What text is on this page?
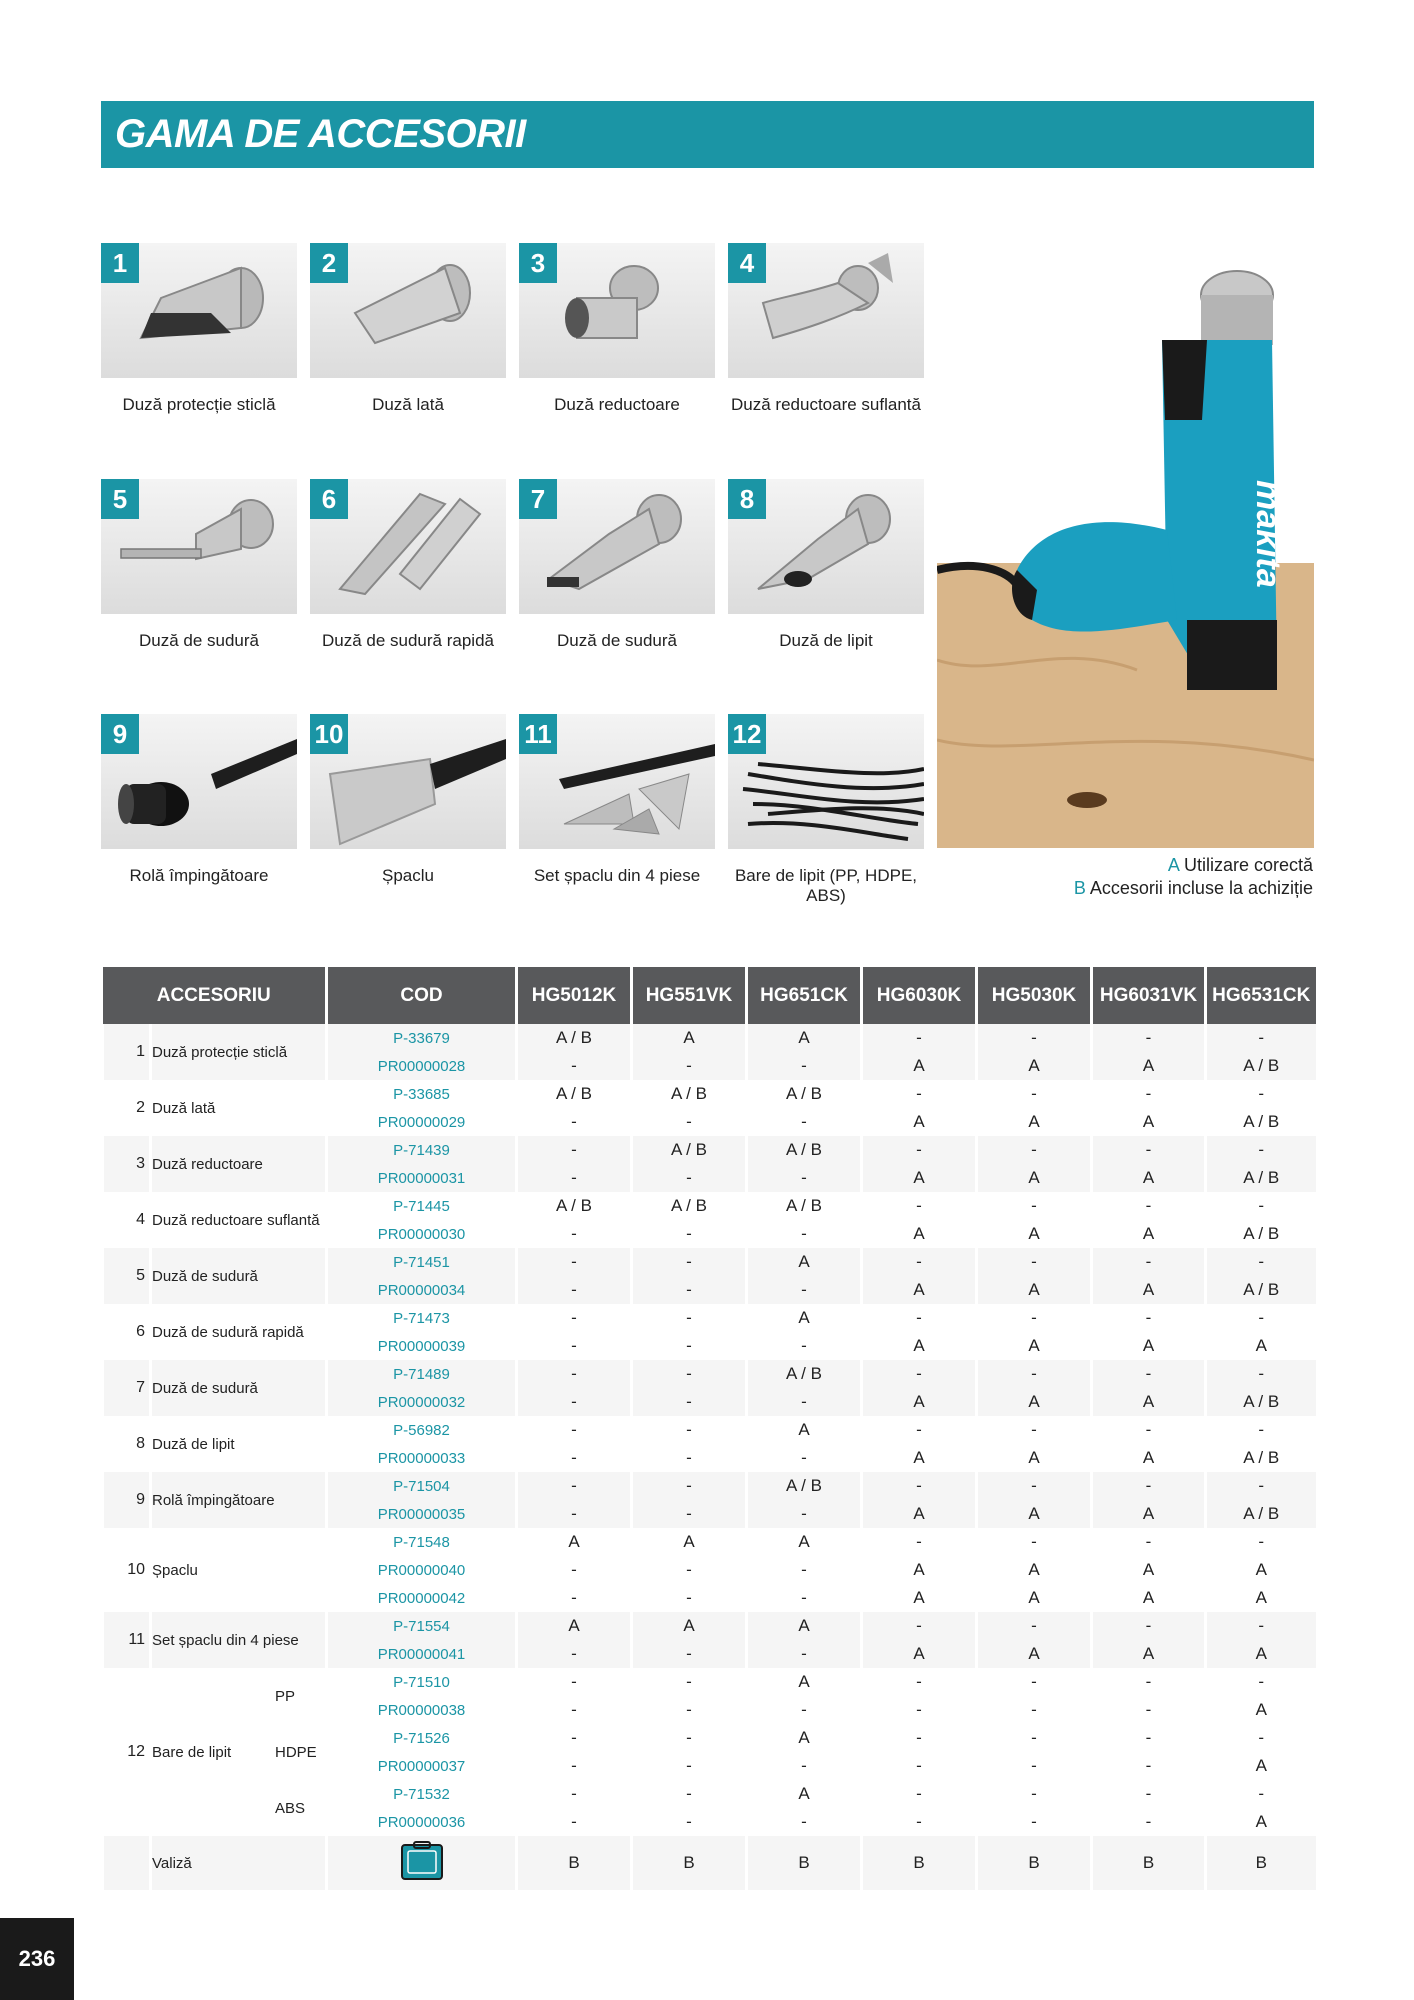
GAMA DE ACCESORII
1
Duză protecție sticlă
2
Duză lată
3
Duză reductoare
4
Duză reductoare suflantă
5
Duză de sudură
6
Duză de sudură rapidă
7
Duză de sudură
8
Duză de lipit
9
Rolă împingătoare
10
Șpaclu
11
Set șpaclu din 4 piese
12
Bare de lipit (PP, HDPE, ABS)
makita
A Utilizare corectă
B Accesorii incluse la achiziție
ACCESORIU			COD	HG5012K	HG551VK	HG651CK	HG6030K	HG5030K	HG6031VK	HG6531CK
1	Duză protecție sticlă		P-33679	A / B	A	A	-	-	-	-
			PR00000028	-	-	-	A	A	A	A / B
2	Duză lată		P-33685	A / B	A / B	A / B	-	-	-	-
			PR00000029	-	-	-	A	A	A	A / B
3	Duză reductoare		P-71439	-	A / B	A / B	-	-	-	-
			PR00000031	-	-	-	A	A	A	A / B
4	Duză reductoare suflantă		P-71445	A / B	A / B	A / B	-	-	-	-
			PR00000030	-	-	-	A	A	A	A / B
5	Duză de sudură		P-71451	-	-	A	-	-	-	-
			PR00000034	-	-	-	A	A	A	A / B
6	Duză de sudură rapidă		P-71473	-	-	A	-	-	-	-
			PR00000039	-	-	-	A	A	A	A
7	Duză de sudură		P-71489	-	-	A / B	-	-	-	-
			PR00000032	-	-	-	A	A	A	A / B
8	Duză de lipit		P-56982	-	-	A	-	-	-	-
			PR00000033	-	-	-	A	A	A	A / B
9	Rolă împingătoare		P-71504	-	-	A / B	-	-	-	-
			PR00000035	-	-	-	A	A	A	A / B
10	Șpaclu		P-71548	A	A	A	-	-	-	-
			PR00000040	-	-	-	A	A	A	A
			PR00000042	-	-	-	A	A	A	A
11	Set șpaclu din 4 piese		P-71554	A	A	A	-	-	-	-
			PR00000041	-	-	-	A	A	A	A
12	Bare de lipit	PP	P-71510	-	-	A	-	-	-	-
			PR00000038	-	-	-	-	-	-	A
		HDPE	P-71526	-	-	A	-	-	-	-
			PR00000037	-	-	-	-	-	-	A
		ABS	P-71532	-	-	A	-	-	-	-
			PR00000036	-	-	-	-	-	-	A
	Valiză			B	B	B	B	B	B	B
236
